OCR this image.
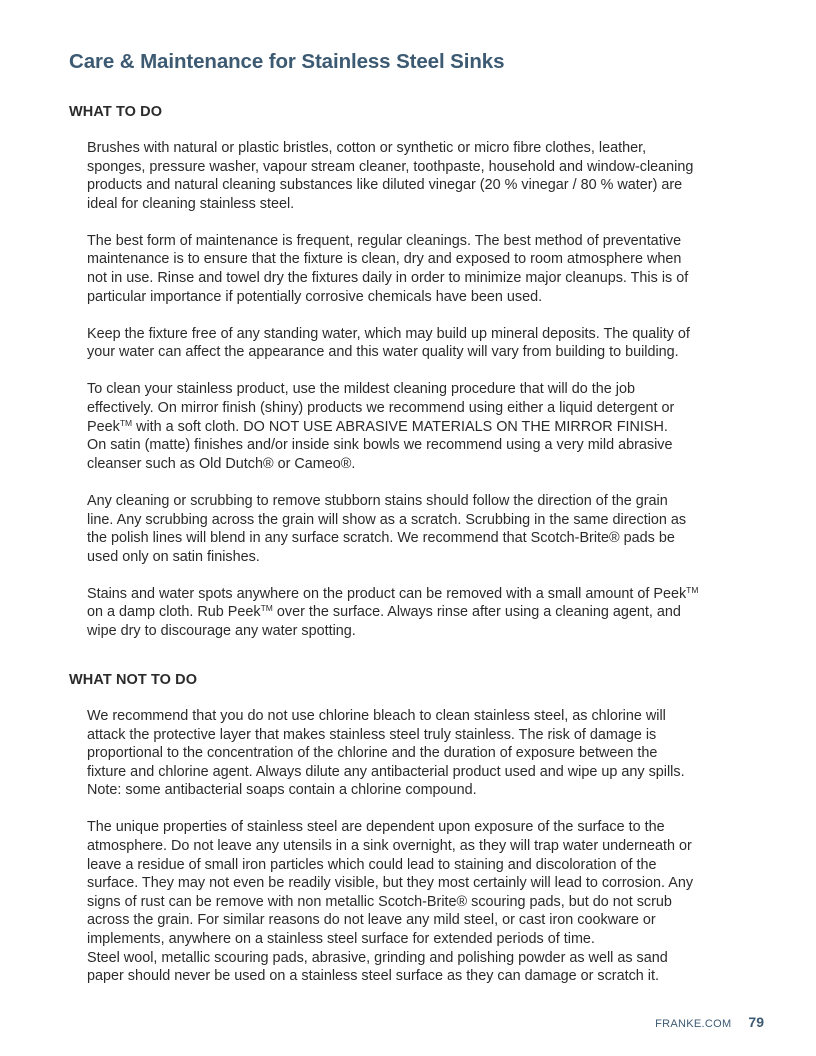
Care & Maintenance for Stainless Steel Sinks
WHAT TO DO

Brushes with natural or plastic bristles, cotton or synthetic or micro fibre clothes, leather,
sponges, pressure washer, vapour stream cleaner, toothpaste, household and window-cleaning
products and natural cleaning substances like diluted vinegar (20 % vinegar / 80 % water) are
ideal for cleaning stainless steel.

The best form of maintenance is frequent, regular cleanings. The best method of preventative
maintenance is to ensure that the fixture is clean, dry and exposed to room atmosphere when
not in use. Rinse and towel dry the fixtures daily in order to minimize major cleanups. This is of
particular importance if potentially corrosive chemicals have been used.

Keep the fixture free of any standing water, which may build up mineral deposits. The quality of
your water can affect the appearance and this water quality will vary from building to building.

To clean your stainless product, use the mildest cleaning procedure that will do the job
effectively. On mirror finish (shiny) products we recommend using either a liquid detergent or
Peek™ with a soft cloth. DO NOT USE ABRASIVE MATERIALS ON THE MIRROR FINISH.
On satin (matte) finishes and/or inside sink bowls we recommend using a very mild abrasive
cleanser such as Old Dutch® or Cameo®.

Any cleaning or scrubbing to remove stubborn stains should follow the direction of the grain
line. Any scrubbing across the grain will show as a scratch. Scrubbing in the same direction as
the polish lines will blend in any surface scratch. We recommend that Scotch-Brite® pads be
used only on satin finishes.

Stains and water spots anywhere on the product can be removed with a small amount of Peek™
on a damp cloth. Rub Peek™ over the surface. Always rinse after using a cleaning agent, and
wipe dry to discourage any water spotting.

WHAT NOT TO DO

We recommend that you do not use chlorine bleach to clean stainless steel, as chlorine will
attack the protective layer that makes stainless steel truly stainless. The risk of damage is
proportional to the concentration of the chlorine and the duration of exposure between the
fixture and chlorine agent. Always dilute any antibacterial product used and wipe up any spills.
Note: some antibacterial soaps contain a chlorine compound.

The unique properties of stainless steel are dependent upon exposure of the surface to the
atmosphere. Do not leave any utensils in a sink overnight, as they will trap water underneath or
leave a residue of small iron particles which could lead to staining and discoloration of the
surface. They may not even be readily visible, but they most certainly will lead to corrosion. Any
signs of rust can be remove with non metallic Scotch-Brite® scouring pads, but do not scrub
across the grain. For similar reasons do not leave any mild steel, or cast iron cookware or
implements, anywhere on a stainless steel surface for extended periods of time.
Steel wool, metallic scouring pads, abrasive, grinding and polishing powder as well as sand
paper should never be used on a stainless steel surface as they can damage or scratch it.

FRANKE.COM 79
